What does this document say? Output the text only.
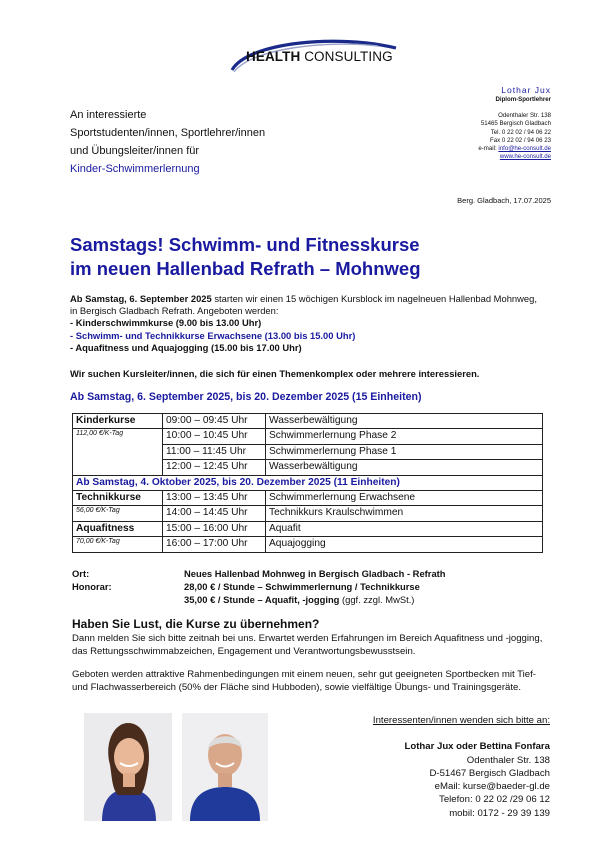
HEALTH CONSULTING
Lothar Jux
Diplom-Sportlehrer
Odenthaler Str. 138
51465 Bergisch Gladbach
Tel. 0 22 02 / 94 06 22
Fax 0 22 02 / 94 06 23
e-mail: info@he-consult.de
www.he-consult.de
An interessierte
Sportstudenten/innen, Sportlehrer/innen
und Übungsleiter/innen für
Kinder-Schwimmerlernung
Berg. Gladbach, 17.07.2025
Samstags! Schwimm- und Fitnesskurse
im neuen Hallenbad Refrath – Mohnweg
Ab Samstag, 6. September 2025 starten wir einen 15 wöchigen Kursblock im nagelneuen Hallenbad Mohnweg, in Bergisch Gladbach Refrath. Angeboten werden:
- Kinderschwimmkurse (9.00 bis 13.00 Uhr)
- Schwimm- und Technikkurse Erwachsene (13.00 bis 15.00 Uhr)
- Aquafitness und Aquajogging (15.00 bis 17.00 Uhr)
Wir suchen Kursleiter/innen, die sich für einen Themenkomplex oder mehrere interessieren.
Ab Samstag, 6. September 2025, bis 20. Dezember 2025 (15 Einheiten)
Kinderkurse	09:00 – 09:45 Uhr	Wasserbewältigung
112,00 €/K-Tag	10:00 – 10:45 Uhr	Schwimmerlernung Phase 2
	11:00 – 11:45 Uhr	Schwimmerlernung Phase 1
	12:00 – 12:45 Uhr	Wasserbewältigung
Ab Samstag, 4. Oktober 2025, bis 20. Dezember 2025 (11 Einheiten)		
Technikkurse	13:00 – 13:45 Uhr	Schwimmerlernung Erwachsene
56,00 €/K-Tag	14:00 – 14:45 Uhr	Technikkurs Kraulschwimmen
Aquafitness	15:00 – 16:00 Uhr	Aquafit
70,00 €/K-Tag	16:00 – 17:00 Uhr	Aquajogging
Ort:	Neues Hallenbad Mohnweg in Bergisch Gladbach - Refrath
Honorar:	28,00 € / Stunde – Schwimmerlernung / Technikkurse
35,00 € / Stunde – Aquafit, -jogging (ggf. zzgl. MwSt.)
Haben Sie Lust, die Kurse zu übernehmen?
Dann melden Sie sich bitte zeitnah bei uns. Erwartet werden Erfahrungen im Bereich Aquafitness und -jogging, das Rettungsschwimmabzeichen, Engagement und Verantwortungsbewusstsein.
Geboten werden attraktive Rahmenbedingungen mit einem neuen, sehr gut geeigneten Sportbecken mit Tief- und Flachwasserbereich (50% der Fläche sind Hubboden), sowie vielfältige Übungs- und Trainingsgeräte.
Interessenten/innen wenden sich bitte an:
Lothar Jux oder Bettina Fonfara
Odenthaler Str. 138
D-51467 Bergisch Gladbach
eMail: kurse@baeder-gl.de
Telefon: 0 22 02 /29 06 12
mobil: 0172 - 29 39 139
